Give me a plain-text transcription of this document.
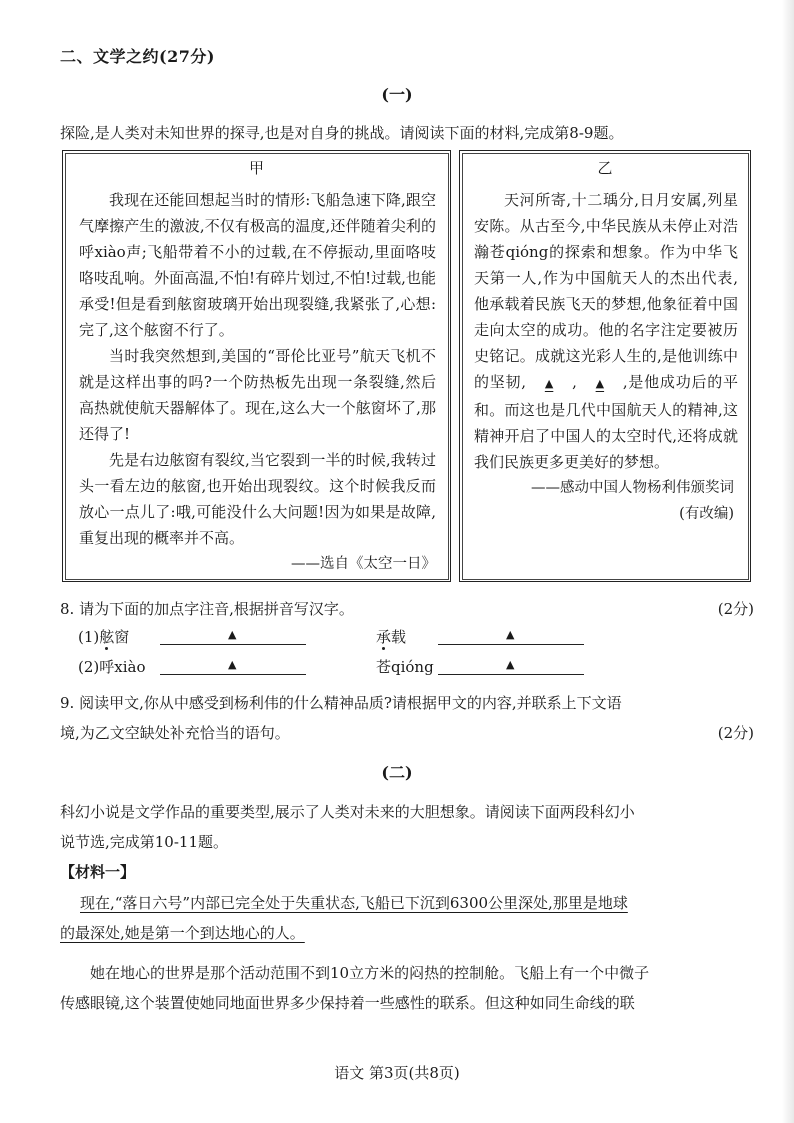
二、文学之约(27分)
(一)
探险,是人类对未知世界的探寻,也是对自身的挑战。请阅读下面的材料,完成第8-9题。
甲

我现在还能回想起当时的情形:飞船急速下降,跟空气摩擦产生的激波,不仅有极高的温度,还伴随着尖利的呼xiào声;飞船带着不小的过载,在不停振动,里面咯吱咯吱乱响。外面高温,不怕!有碎片划过,不怕!过载,也能承受!但是看到舷窗玻璃开始出现裂缝,我紧张了,心想:完了,这个舷窗不行了。

当时我突然想到,美国的“哥伦比亚号”航天飞机不就是这样出事的吗?一个防热板先出现一条裂缝,然后高热就使航天器解体了。现在,这么大一个舷窗坏了,那还得了!

先是右边舷窗有裂纹,当它裂到一半的时候,我转过头一看左边的舷窗,也开始出现裂纹。这个时候我反而放心一点儿了:哦,可能没什么大问题!因为如果是故障,重复出现的概率并不高。

——选自《太空一日》
乙
天河所寄,十二瑀分,日月安属,列星安陈。从古至今,中华民族从未停止对浩瀚苍qióng的探索和想象。作为中华飞天第一人,作为中国航天人的杰出代表,他承载着民族飞天的梦想,他象征着中国走向太空的成功。他的名字注定要被历史铭记。成就这光彩人生的,是他训练中的坚韧, ▲ , ▲ ,是他成功后的平和。而这也是几代中国航天人的精神,这精神开启了中国人的太空时代,还将成就我们民族更多更美好的梦想。
——感动中国人物杨利伟颁奖词
(有改编)
8. 请为下面的加点字注音,根据拼音写汉字。	(2分)
(1)舷窗	▲	承载	▲
(2)呼xiào	▲	苍qióng	▲
9. 阅读甲文,你从中感受到杨利伟的什么精神品质?请根据甲文的内容,并联系上下文语
境,为乙文空缺处补充恰当的语句。	(2分)
(二)
科幻小说是文学作品的重要类型,展示了人类对未来的大胆想象。请阅读下面两段科幻小
说节选,完成第10-11题。
【材料一】
现在,“落日六号”内部已完全处于失重状态,飞船已下沉到6300公里深处,那里是地球
的最深处,她是第一个到达地心的人。
她在地心的世界是那个活动范围不到10立方米的闷热的控制舱。飞船上有一个中微子
传感眼镜,这个装置使她同地面世界多少保持着一些感性的联系。但这种如同生命线的联
语文 第3页(共8页)
